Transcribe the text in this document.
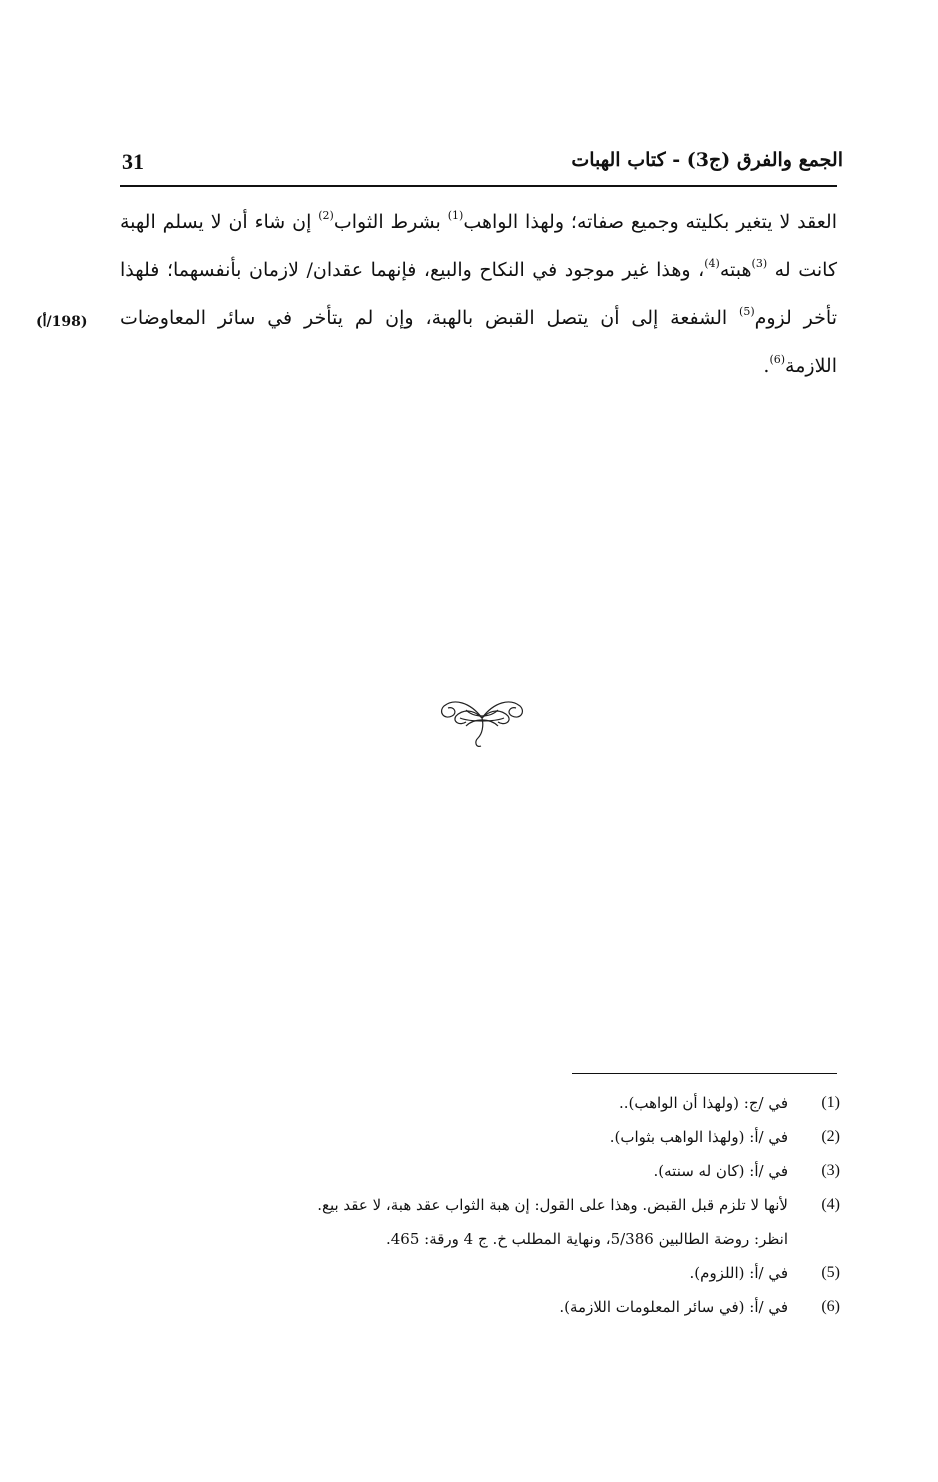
الجمع والفرق (ج3) - كتاب الهبات
31

العقد لا يتغير بكليته وجميع صفاته؛ ولهذا الواهب$^{(1)}$ بشرط الثواب$^{(2)}$ إن شاء أن لا يسلم الهبة كانت له $^{(3)}$هبته$^{(4)}$، وهذا غير موجود في النكاح والبيع، فإنهما عقدان/ لازمان بأنفسهما؛ فلهذا تأخر لزوم$^{(5)}$ الشفعة إلى أن يتصل القبض بالهبة، وإن لم يتأخر في سائر المعاوضات اللازمة$^{(6)}$.

(198/أ)
(1)
في /ج: (ولهذا أن الواهب)..
(2)
في /أ: (ولهذا الواهب بثواب).
(3)
في /أ: (كان له سنته).
(4)
لأنها لا تلزم قبل القبض. وهذا على القول: إن هبة الثواب عقد هبة، لا عقد بيع.
انظر: روضة الطالبين 5/386، ونهاية المطلب خ. ج 4 ورقة: 465.
(5)
في /أ: (اللزوم).
(6)
في /أ: (في سائر المعلومات اللازمة).
